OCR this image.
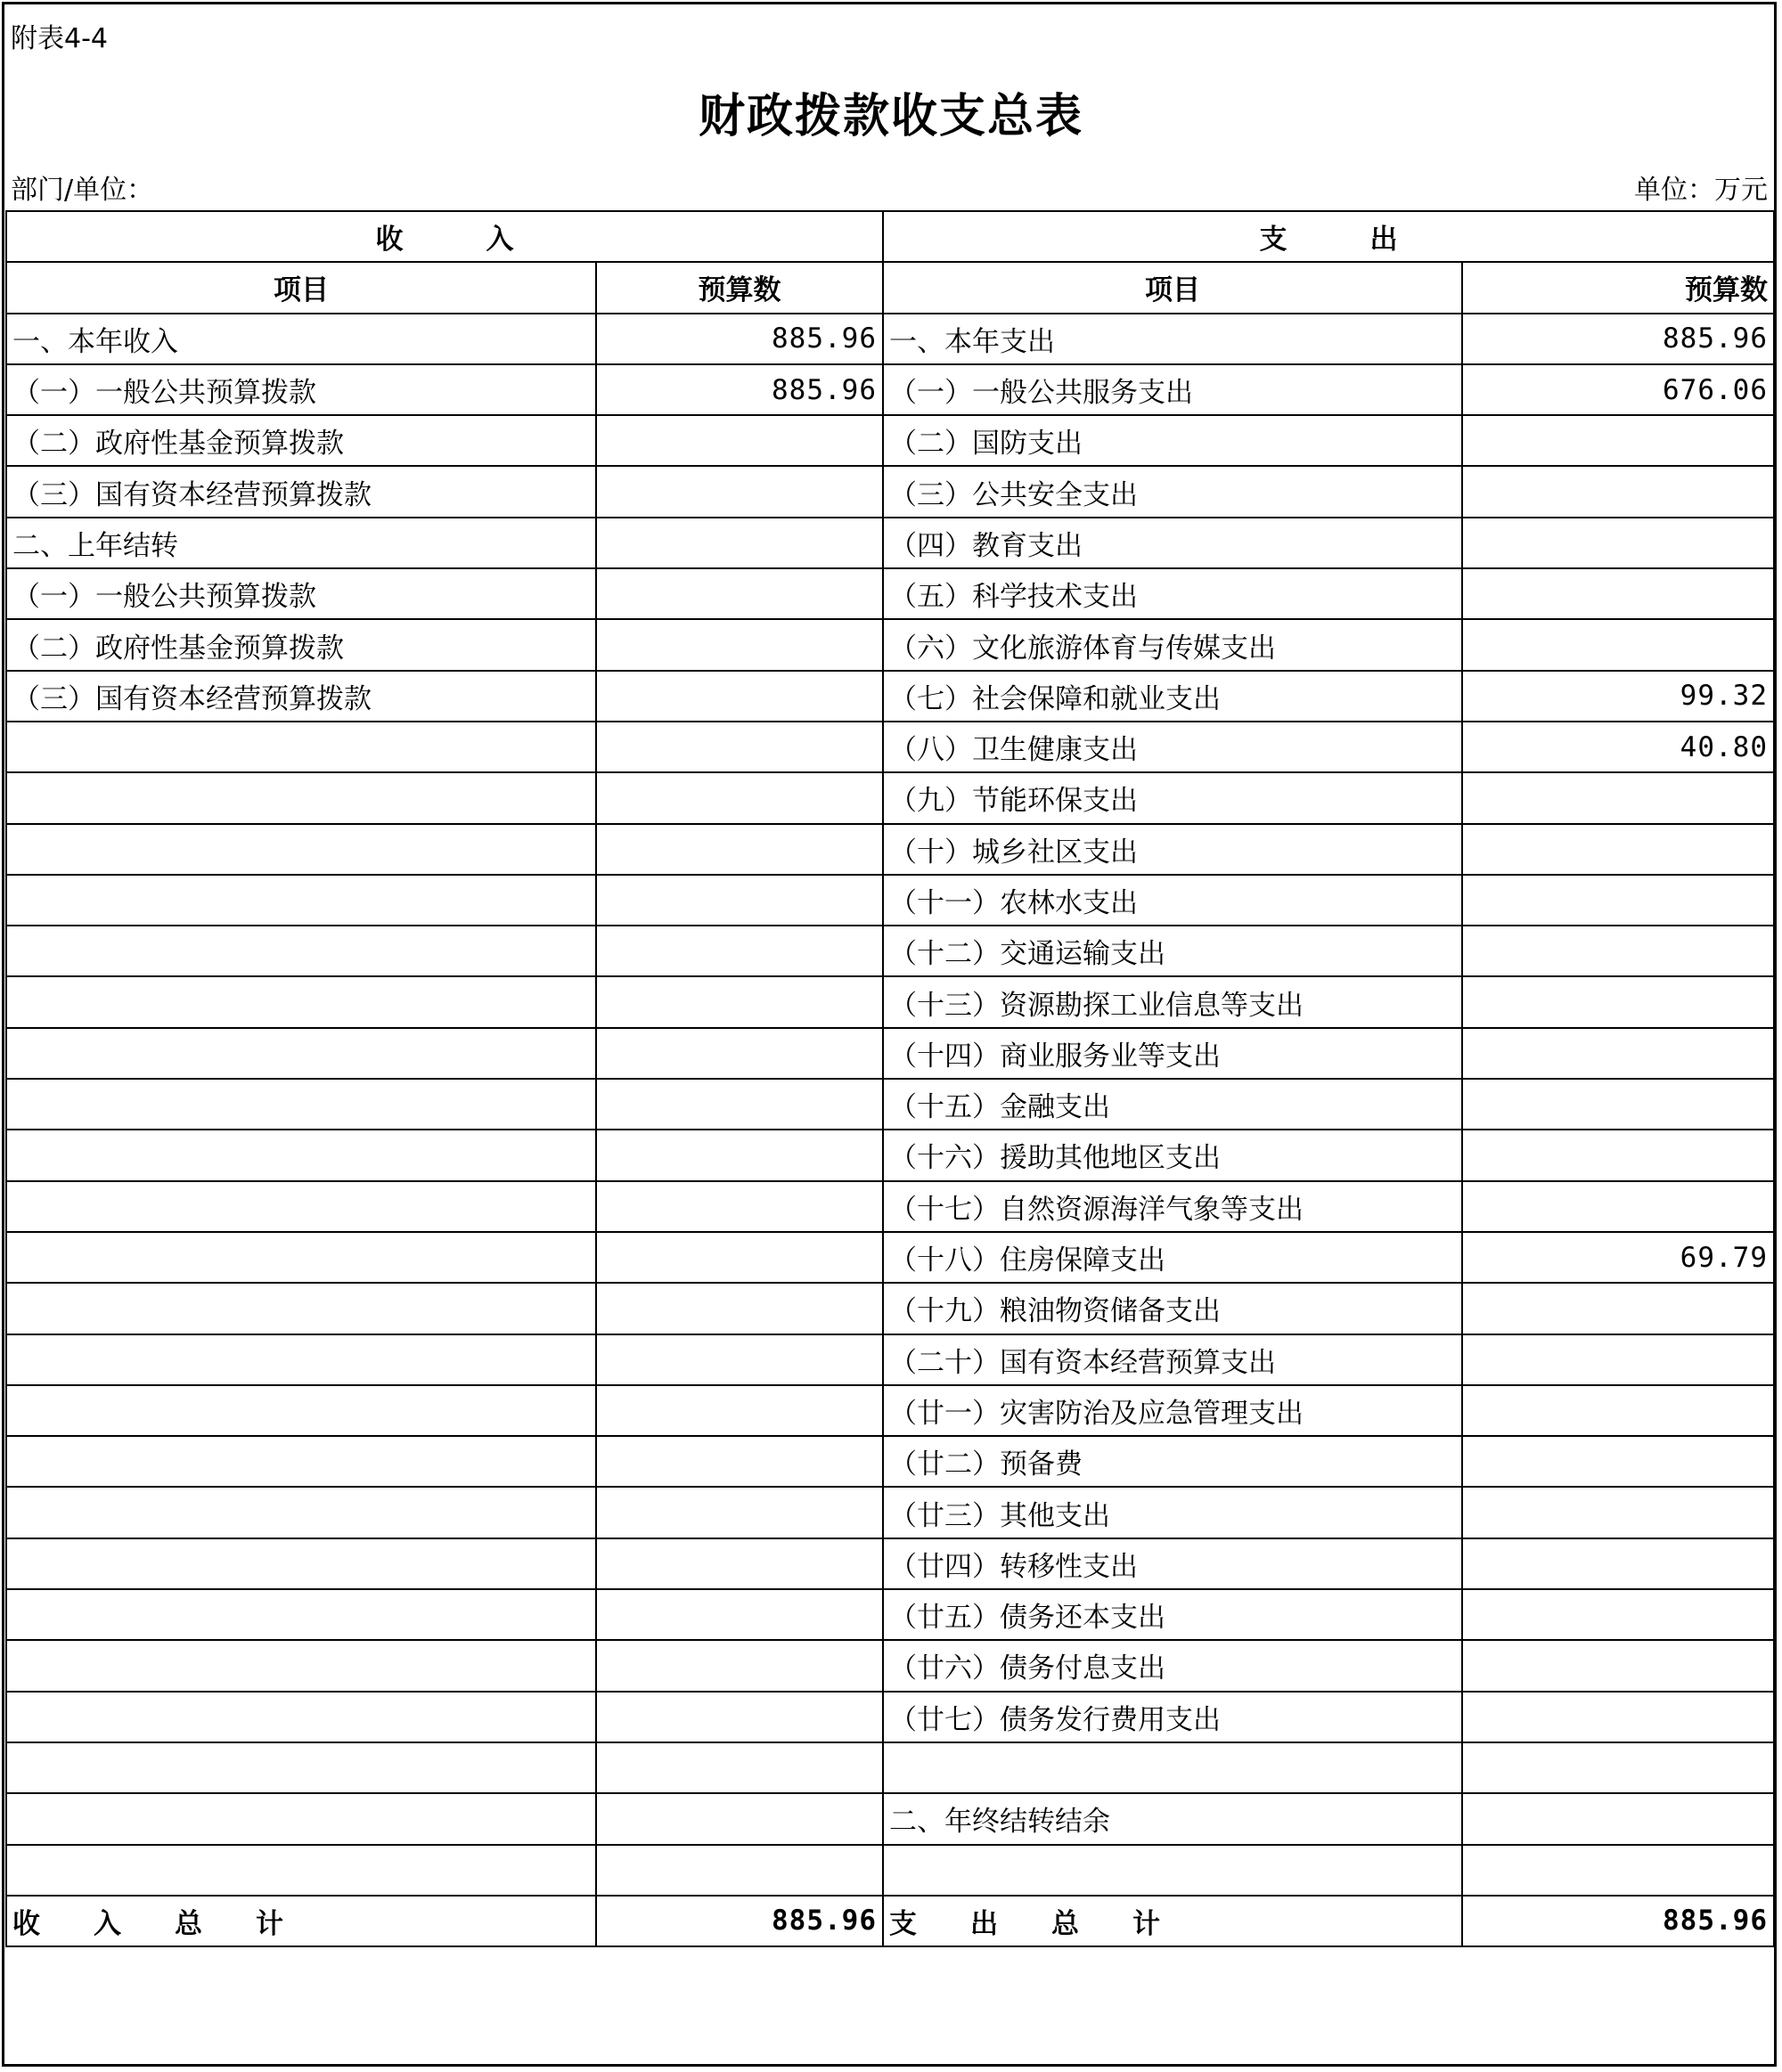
附表4-4
财政拨款收支总表
部门/单位：	单位：万元
收　　　入		支　　　出	
项目	预算数	项目	预算数
一、本年收入	885.96	一、本年支出	885.96
（一）一般公共预算拨款	885.96	（一）一般公共服务支出	676.06
（二）政府性基金预算拨款		（二）国防支出	
（三）国有资本经营预算拨款		（三）公共安全支出	
二、上年结转		（四）教育支出	
（一）一般公共预算拨款		（五）科学技术支出	
（二）政府性基金预算拨款		（六）文化旅游体育与传媒支出	
（三）国有资本经营预算拨款		（七）社会保障和就业支出	99.32
		（八）卫生健康支出	40.80
		（九）节能环保支出	
		（十）城乡社区支出	
		（十一）农林水支出	
		（十二）交通运输支出	
		（十三）资源勘探工业信息等支出	
		（十四）商业服务业等支出	
		（十五）金融支出	
		（十六）援助其他地区支出	
		（十七）自然资源海洋气象等支出	
		（十八）住房保障支出	69.79
		（十九）粮油物资储备支出	
		（二十）国有资本经营预算支出	
		（廿一）灾害防治及应急管理支出	
		（廿二）预备费	
		（廿三）其他支出	
		（廿四）转移性支出	
		（廿五）债务还本支出	
		（廿六）债务付息支出	
		（廿七）债务发行费用支出	

		二、年终结转结余	

收入总计	885.96	支出总计	885.96
